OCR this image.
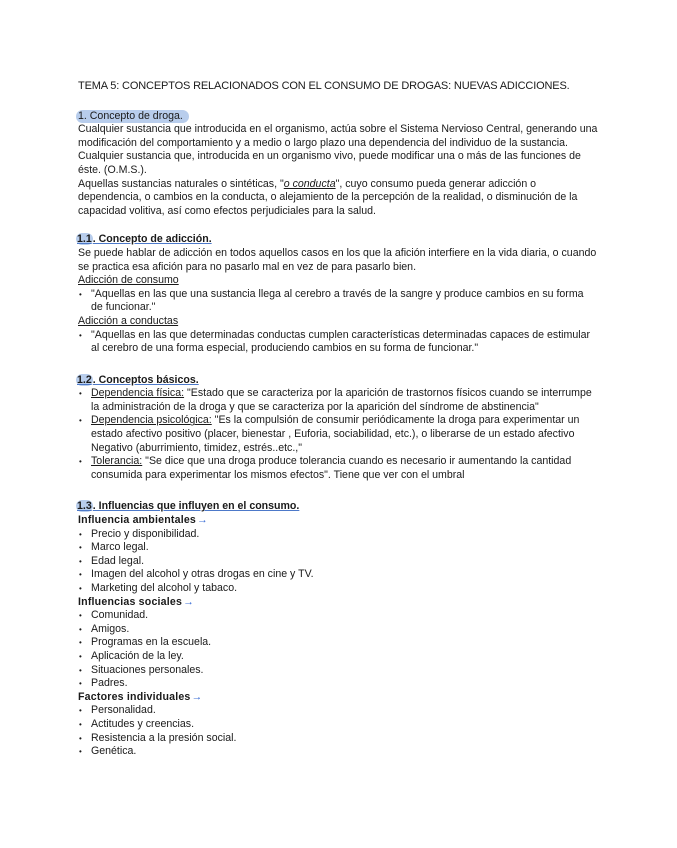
TEMA 5: CONCEPTOS RELACIONADOS CON EL CONSUMO DE DROGAS: NUEVAS ADICCIONES.

1. Concepto de droga.

Cualquier sustancia que introducida en el organismo, actúa sobre el Sistema Nervioso Central, generando una modificación del comportamiento y a medio o largo plazo una dependencia del individuo de la sustancia.

Cualquier sustancia que, introducida en un organismo vivo, puede modificar una o más de las funciones de éste. (O.M.S.).

Aquellas sustancias naturales o sintéticas, "o conducta", cuyo consumo pueda generar adicción o dependencia, o cambios en la conducta, o alejamiento de la percepción de la realidad, o disminución de la capacidad volitiva, así como efectos perjudiciales para la salud.

1.1. Concepto de adicción.

Se puede hablar de adicción en todos aquellos casos en los que la afición interfiere en la vida diaria, o cuando se practica esa afición para no pasarlo mal en vez de para pasarlo bien.

Adicción de consumo

• "Aquellas en las que una sustancia llega al cerebro a través de la sangre y produce cambios en su forma de funcionar."

Adicción a conductas

• "Aquellas en las que determinadas conductas cumplen características determinadas capaces de estimular al cerebro de una forma especial, produciendo cambios en su forma de funcionar."
1.2. Conceptos básicos.
• Dependencia física: "Estado que se caracteriza por la aparición de trastornos físicos cuando se interrumpe la administración de la droga y que se caracteriza por la aparición del síndrome de abstinencia"
• Dependencia psicológica: "Es la compulsión de consumir periódicamente la droga para experimentar un estado afectivo positivo (placer, bienestar , Euforia, sociabilidad, etc.), o liberarse de un estado afectivo Negativo (aburrimiento, timidez, estrés..etc.,"
• Tolerancia: "Se dice que una droga produce tolerancia cuando es necesario ir aumentando la cantidad consumida para experimentar los mismos efectos". Tiene que ver con el umbral
1.3. Influencias que influyen en el consumo.

Influencia ambientales→

• Precio y disponibilidad.
• Marco legal.
• Edad legal.
• Imagen del alcohol y otras drogas en cine y TV.
• Marketing del alcohol y tabaco.

Influencias sociales→

• Comunidad.
• Amigos.
• Programas en la escuela.
• Aplicación de la ley.
• Situaciones personales.
• Padres.

Factores individuales→

• Personalidad.
• Actitudes y creencias.
• Resistencia a la presión social.
• Genética.
